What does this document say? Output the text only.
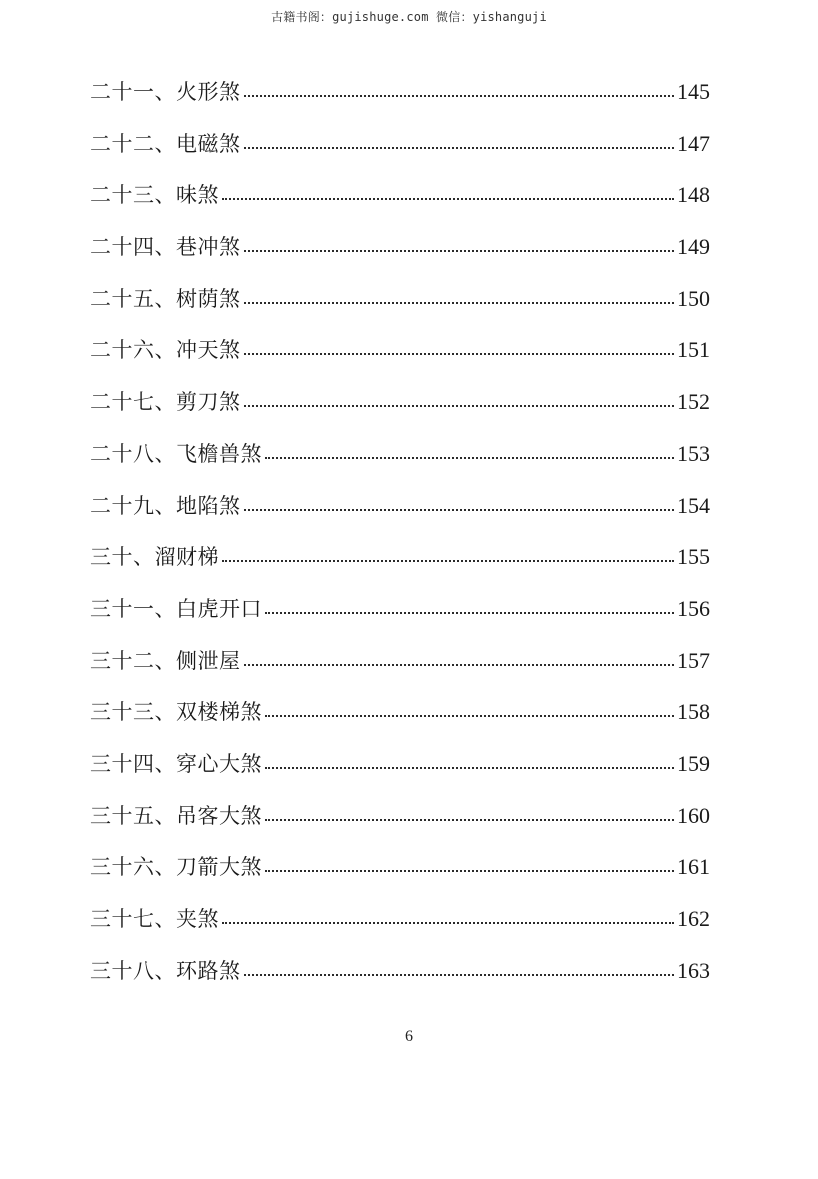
古籍书阁：gujishuge.com 微信：yishanguji
二十一、火形煞	145
二十二、电磁煞	147
二十三、味煞	148
二十四、巷冲煞	149
二十五、树荫煞	150
二十六、冲天煞	151
二十七、剪刀煞	152
二十八、飞檐兽煞	153
二十九、地陷煞	154
三十、溜财梯	155
三十一、白虎开口	156
三十二、侧泄屋	157
三十三、双楼梯煞	158
三十四、穿心大煞	159
三十五、吊客大煞	160
三十六、刀箭大煞	161
三十七、夹煞	162
三十八、环路煞	163
6
